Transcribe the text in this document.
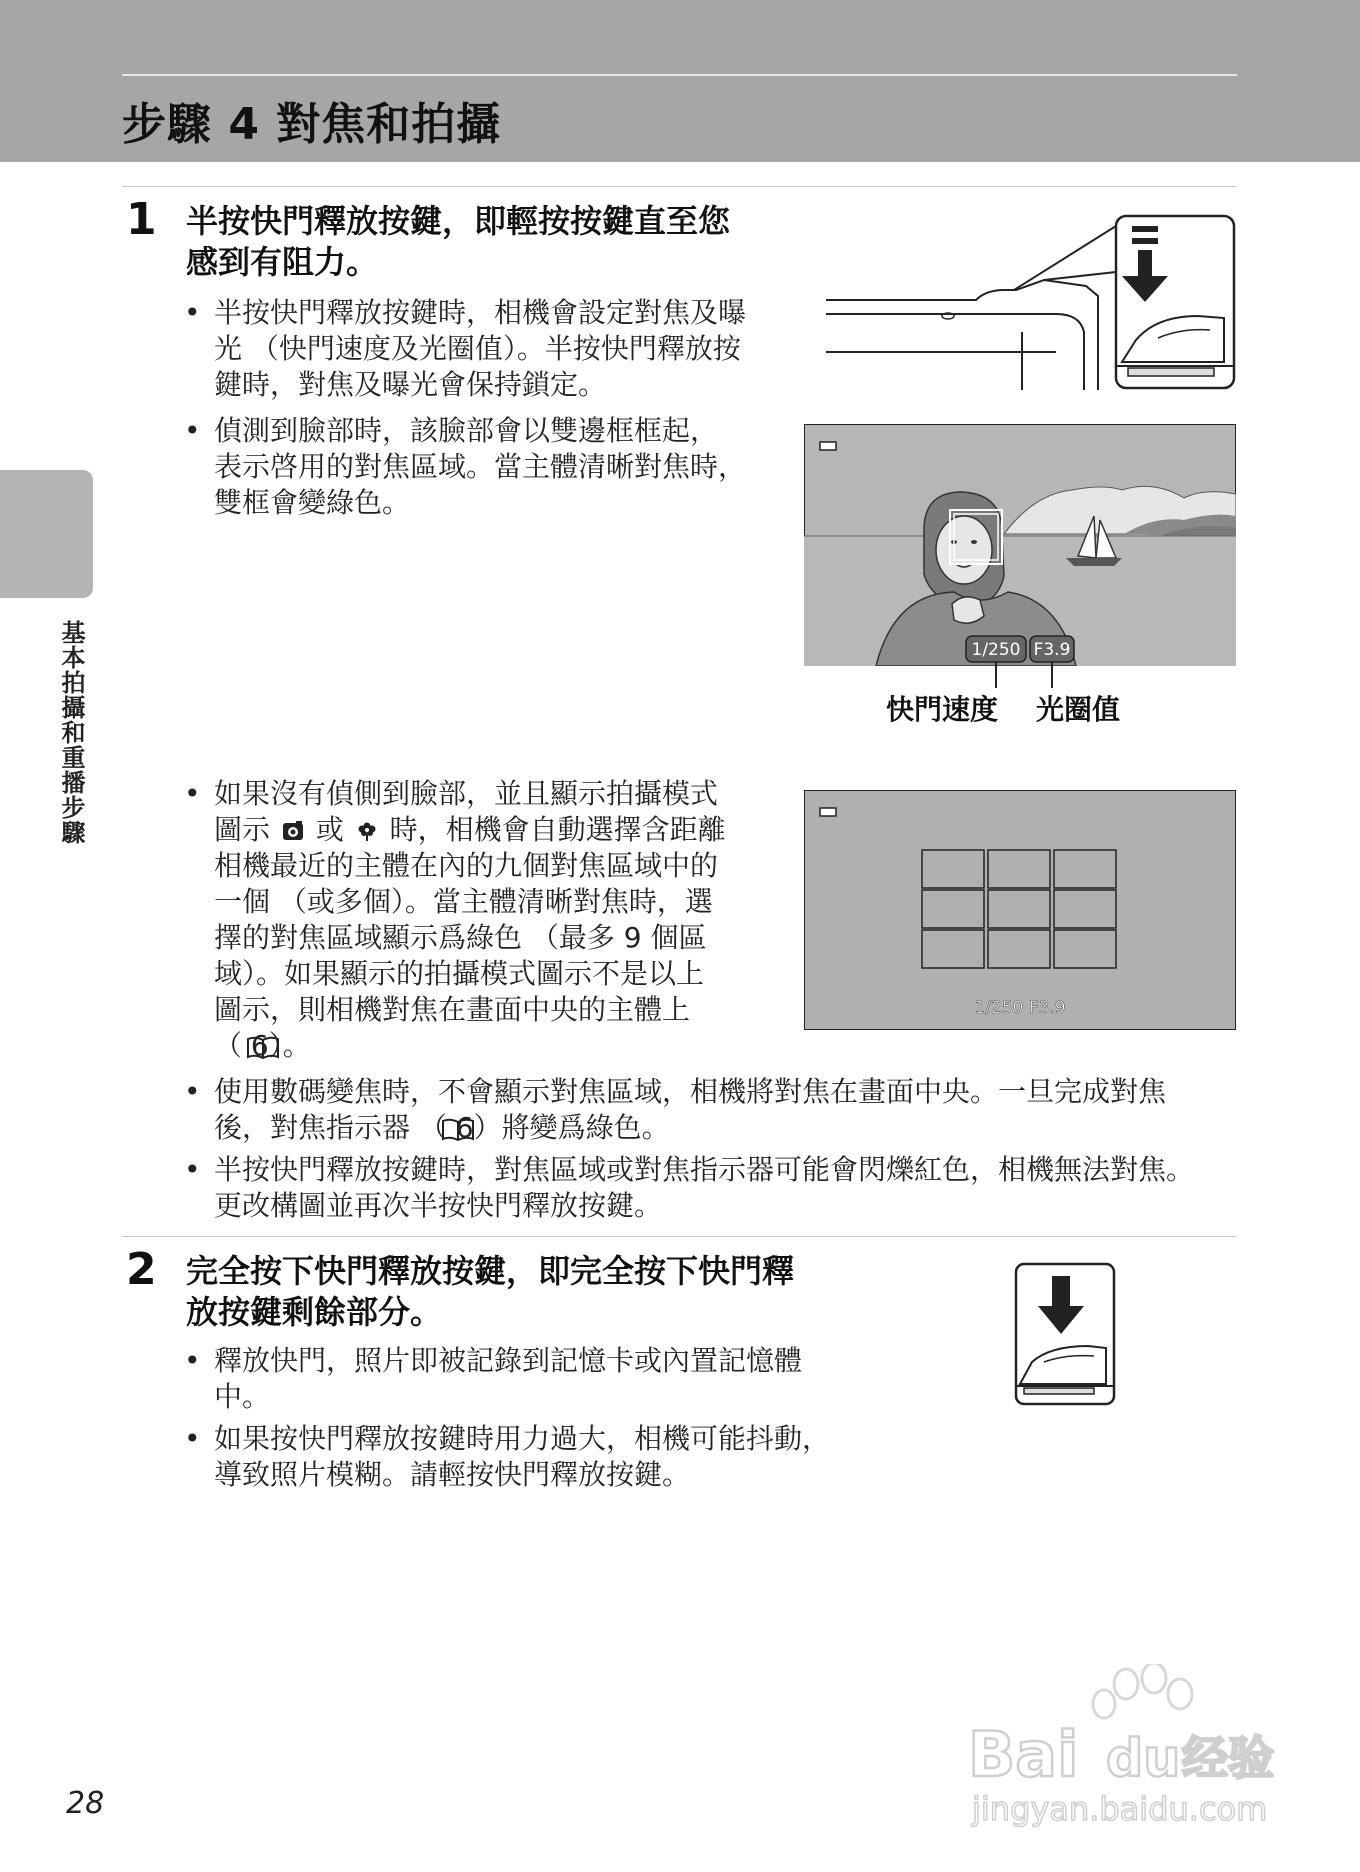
步驟 4 對焦和拍攝
基本拍攝和重播步驟
1 半按快門釋放按鍵，即輕按按鍵直至您
感到有阻力。
• 半按快門釋放按鍵時，相機會設定對焦及曝
光 （快門速度及光圈值）。半按快門釋放按
鍵時，對焦及曝光會保持鎖定。
• 偵測到臉部時，該臉部會以雙邊框框起，
表示啓用的對焦區域。當主體清晰對焦時，
雙框會變綠色。
• 如果沒有偵側到臉部，並且顯示拍攝模式
圖示 或 時，相機會自動選擇含距離
相機最近的主體在內的九個對焦區域中的
一個 （或多個）。當主體清晰對焦時，選
擇的對焦區域顯示爲綠色 （最多 9 個區
域）。如果顯示的拍攝模式圖示不是以上
圖示，則相機對焦在畫面中央的主體上
（ 6）。
• 使用數碼變焦時，不會顯示對焦區域，相機將對焦在畫面中央。一旦完成對焦
後，對焦指示器 （ 6）將變爲綠色。
• 半按快門釋放按鍵時，對焦區域或對焦指示器可能會閃爍紅色，相機無法對焦。
更改構圖並再次半按快門釋放按鍵。
1/250 F3.9
快門速度 光圈值
1/250 F3.9
2 完全按下快門釋放按鍵，即完全按下快門釋
放按鍵剩餘部分。
• 釋放快門，照片即被記錄到記憶卡或內置記憶體
中。
• 如果按快門釋放按鍵時用力過大，相機可能抖動，
導致照片模糊。請輕按快門釋放按鍵。
28
Bai du 经验
jingyan.baidu.com
